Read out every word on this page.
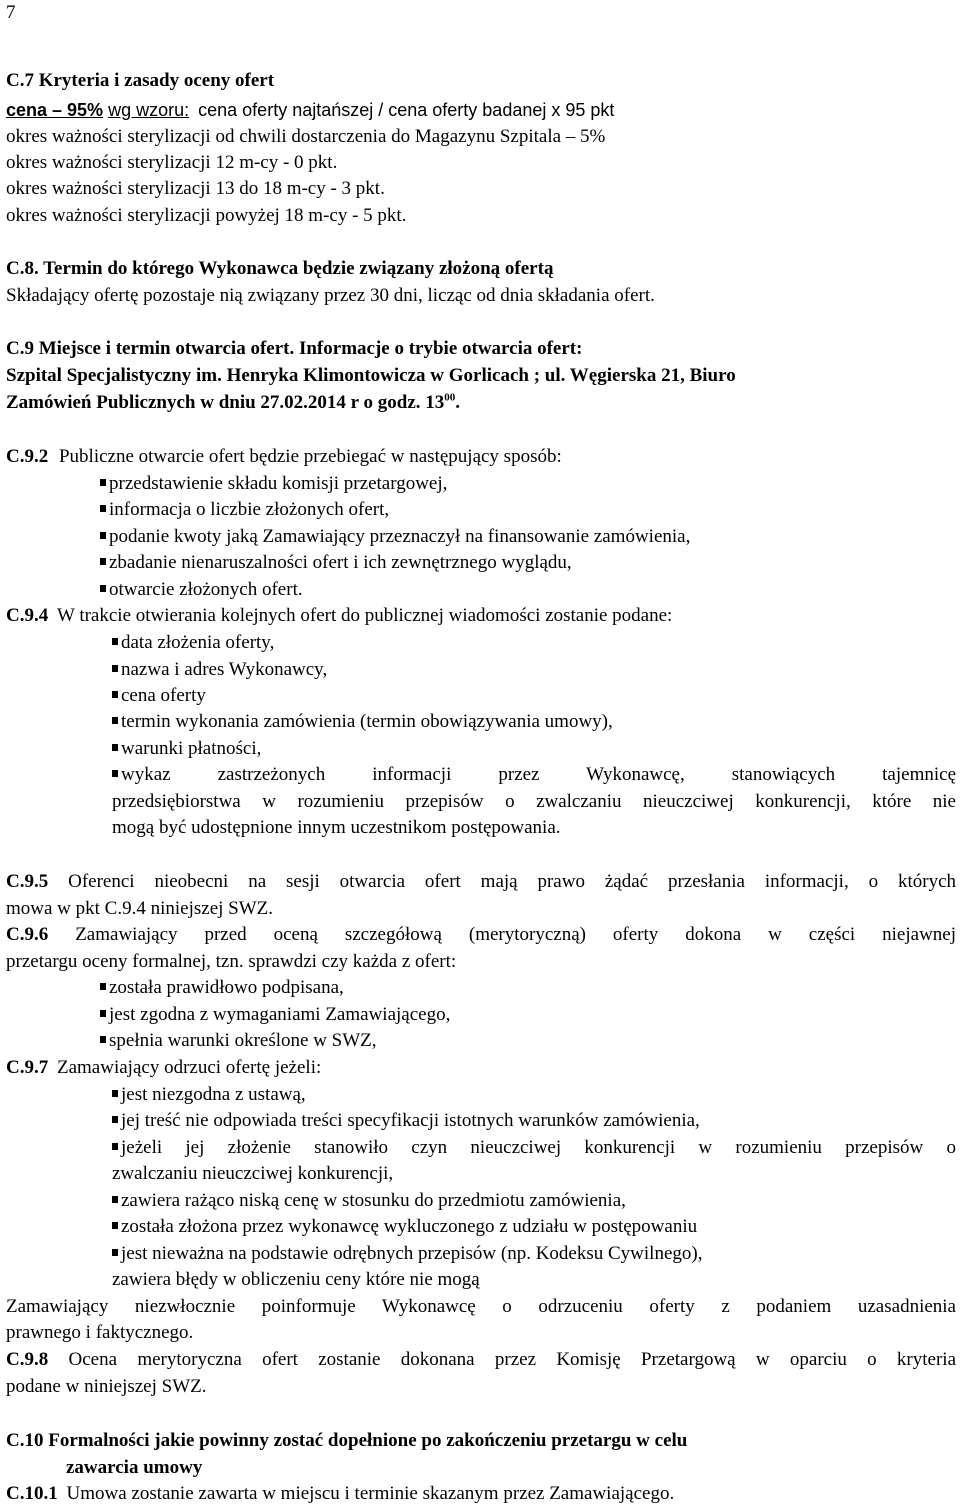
7
C.7 Kryteria i zasady oceny ofert
cena – 95% wg wzoru: cena oferty najtańszej / cena oferty badanej x 95 pkt
okres ważności sterylizacji od chwili dostarczenia do Magazynu Szpitala – 5%
okres ważności sterylizacji 12 m-cy - 0 pkt.
okres ważności sterylizacji 13 do 18 m-cy - 3 pkt.
okres ważności sterylizacji powyżej 18 m-cy - 5 pkt.
C.8. Termin do którego Wykonawca będzie związany złożoną ofertą
Składający ofertę pozostaje nią związany przez 30 dni, licząc od dnia składania ofert.
C.9 Miejsce i termin otwarcia ofert. Informacje o trybie otwarcia ofert:
Szpital Specjalistyczny im. Henryka Klimontowicza w Gorlicach ; ul. Węgierska 21, Biuro
Zamówień Publicznych w dniu 27.02.2014 r o godz. $13^{00}$.
C.9.2 Publiczne otwarcie ofert będzie przebiegać w następujący sposób:
przedstawienie składu komisji przetargowej,
informacja o liczbie złożonych ofert,
podanie kwoty jaką Zamawiający przeznaczył na finansowanie zamówienia,
zbadanie nienaruszalności ofert i ich zewnętrznego wyglądu,
otwarcie złożonych ofert.
C.9.4 W trakcie otwierania kolejnych ofert do publicznej wiadomości zostanie podane:
data złożenia oferty,
nazwa i adres Wykonawcy,
cena oferty
termin wykonania zamówienia (termin obowiązywania umowy),
warunki płatności,
wykaz zastrzeżonych informacji przez Wykonawcę, stanowiących tajemnicę
przedsiębiorstwa w rozumieniu przepisów o zwalczaniu nieuczciwej konkurencji, które nie
mogą być udostępnione innym uczestnikom postępowania.
C.9.5 Oferenci nieobecni na sesji otwarcia ofert mają prawo żądać przesłania informacji, o których
mowa w pkt C.9.4 niniejszej SWZ.
C.9.6 Zamawiający przed oceną szczegółową (merytoryczną) oferty dokona w części niejawnej
przetargu oceny formalnej, tzn. sprawdzi czy każda z ofert:
została prawidłowo podpisana,
jest zgodna z wymaganiami Zamawiającego,
spełnia warunki określone w SWZ,
C.9.7 Zamawiający odrzuci ofertę jeżeli:
jest niezgodna z ustawą,
jej treść nie odpowiada treści specyfikacji istotnych warunków zamówienia,
jeżeli jej złożenie stanowiło czyn nieuczciwej konkurencji w rozumieniu przepisów o
zwalczaniu nieuczciwej konkurencji,
zawiera rażąco niską cenę w stosunku do przedmiotu zamówienia,
została złożona przez wykonawcę wykluczonego z udziału w postępowaniu
jest nieważna na podstawie odrębnych przepisów (np. Kodeksu Cywilnego),
zawiera błędy w obliczeniu ceny które nie mogą
Zamawiający niezwłocznie poinformuje Wykonawcę o odrzuceniu oferty z podaniem uzasadnienia
prawnego i faktycznego.
C.9.8 Ocena merytoryczna ofert zostanie dokonana przez Komisję Przetargową w oparciu o kryteria
podane w niniejszej SWZ.
C.10 Formalności jakie powinny zostać dopełnione po zakończeniu przetargu w celu
zawarcia umowy
C.10.1 Umowa zostanie zawarta w miejscu i terminie skazanym przez Zamawiającego.
